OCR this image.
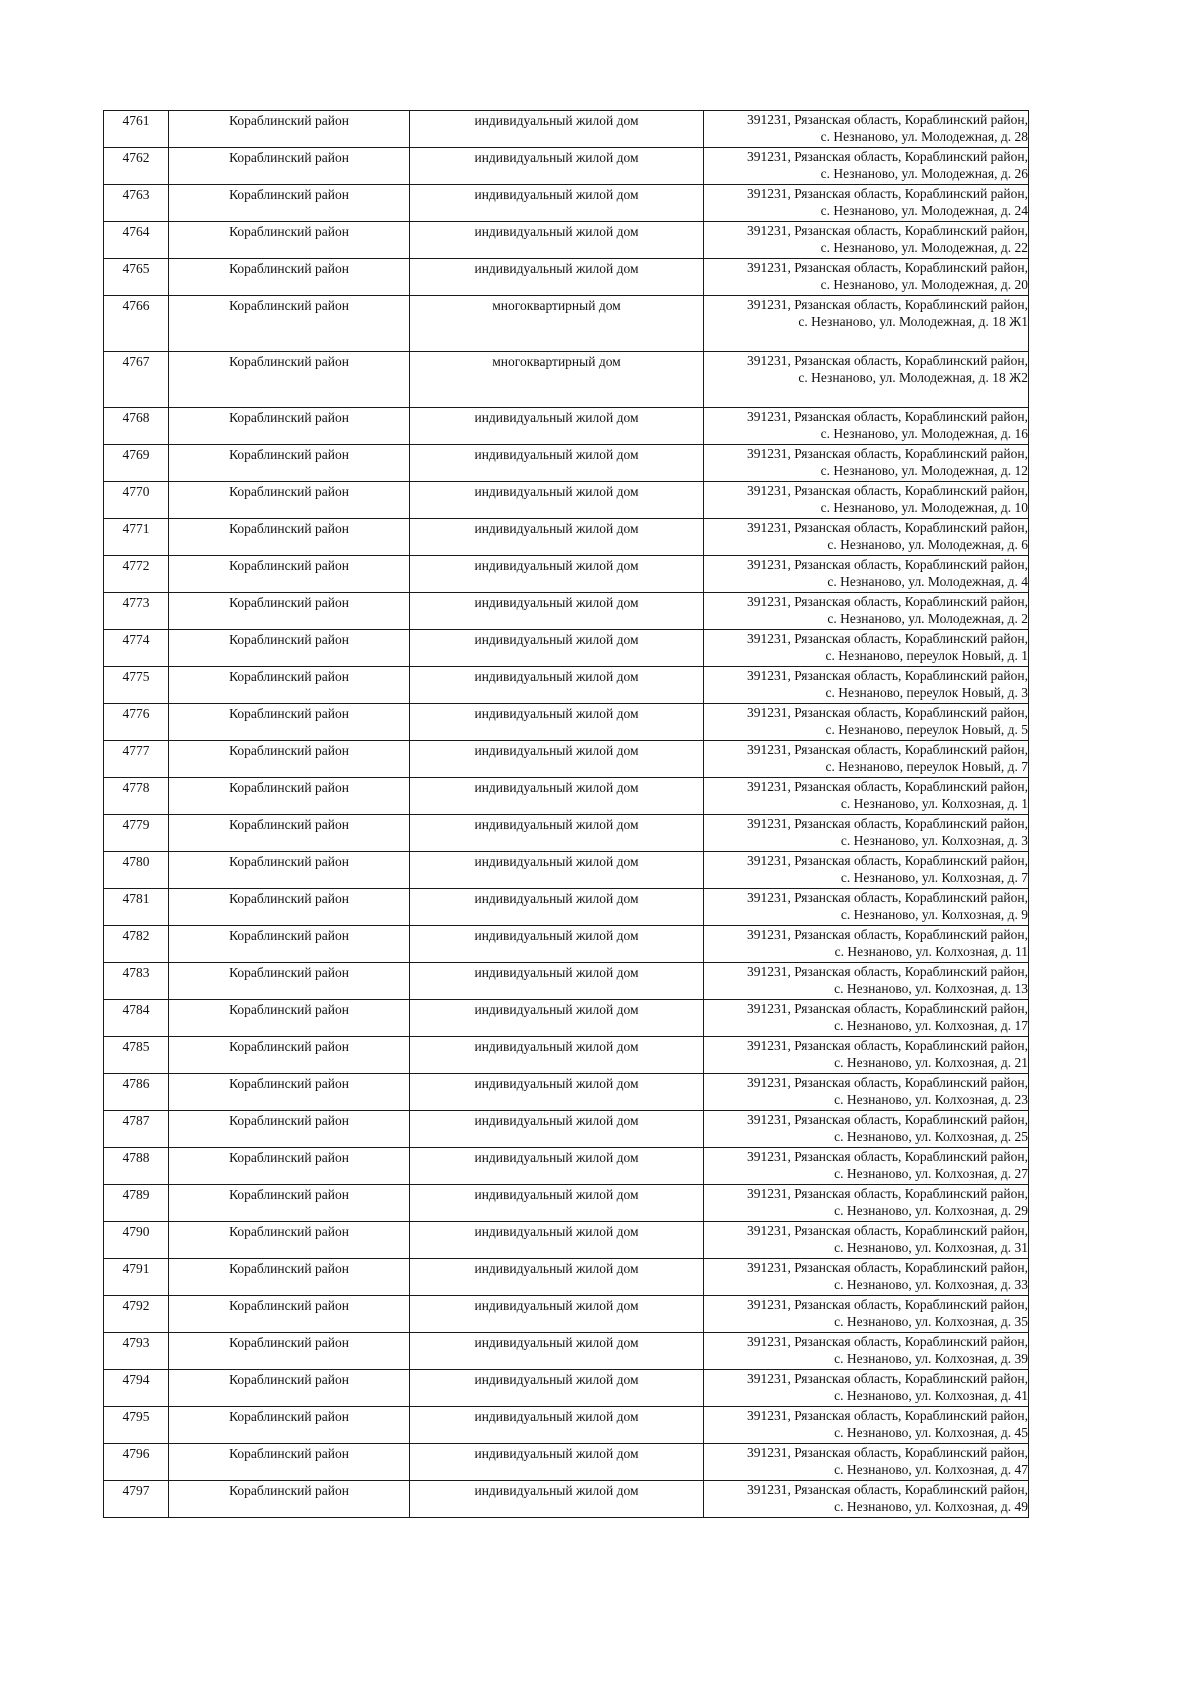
4761	Кораблинский район	индивидуальный жилой дом	391231, Рязанская область, Кораблинский район,
с. Незнаново, ул. Молодежная, д. 28

4762	Кораблинский район	индивидуальный жилой дом	391231, Рязанская область, Кораблинский район,
с. Незнаново, ул. Молодежная, д. 26

4763	Кораблинский район	индивидуальный жилой дом	391231, Рязанская область, Кораблинский район,
с. Незнаново, ул. Молодежная, д. 24

4764	Кораблинский район	индивидуальный жилой дом	391231, Рязанская область, Кораблинский район,
с. Незнаново, ул. Молодежная, д. 22

4765	Кораблинский район	индивидуальный жилой дом	391231, Рязанская область, Кораблинский район,
с. Незнаново, ул. Молодежная, д. 20

4766	Кораблинский район	многоквартирный дом	391231, Рязанская область, Кораблинский район,
с. Незнаново, ул. Молодежная, д. 18 Ж1

4767	Кораблинский район	многоквартирный дом	391231, Рязанская область, Кораблинский район,
с. Незнаново, ул. Молодежная, д. 18 Ж2

4768	Кораблинский район	индивидуальный жилой дом	391231, Рязанская область, Кораблинский район,
с. Незнаново, ул. Молодежная, д. 16

4769	Кораблинский район	индивидуальный жилой дом	391231, Рязанская область, Кораблинский район,
с. Незнаново, ул. Молодежная, д. 12

4770	Кораблинский район	индивидуальный жилой дом	391231, Рязанская область, Кораблинский район,
с. Незнаново, ул. Молодежная, д. 10

4771	Кораблинский район	индивидуальный жилой дом	391231, Рязанская область, Кораблинский район,
с. Незнаново, ул. Молодежная, д. 6

4772	Кораблинский район	индивидуальный жилой дом	391231, Рязанская область, Кораблинский район,
с. Незнаново, ул. Молодежная, д. 4

4773	Кораблинский район	индивидуальный жилой дом	391231, Рязанская область, Кораблинский район,
с. Незнаново, ул. Молодежная, д. 2

4774	Кораблинский район	индивидуальный жилой дом	391231, Рязанская область, Кораблинский район,
с. Незнаново, переулок Новый, д. 1

4775	Кораблинский район	индивидуальный жилой дом	391231, Рязанская область, Кораблинский район,
с. Незнаново, переулок Новый, д. 3

4776	Кораблинский район	индивидуальный жилой дом	391231, Рязанская область, Кораблинский район,
с. Незнаново, переулок Новый, д. 5

4777	Кораблинский район	индивидуальный жилой дом	391231, Рязанская область, Кораблинский район,
с. Незнаново, переулок Новый, д. 7

4778	Кораблинский район	индивидуальный жилой дом	391231, Рязанская область, Кораблинский район,
с. Незнаново, ул. Колхозная, д. 1

4779	Кораблинский район	индивидуальный жилой дом	391231, Рязанская область, Кораблинский район,
с. Незнаново, ул. Колхозная, д. 3

4780	Кораблинский район	индивидуальный жилой дом	391231, Рязанская область, Кораблинский район,
с. Незнаново, ул. Колхозная, д. 7

4781	Кораблинский район	индивидуальный жилой дом	391231, Рязанская область, Кораблинский район,
с. Незнаново, ул. Колхозная, д. 9

4782	Кораблинский район	индивидуальный жилой дом	391231, Рязанская область, Кораблинский район,
с. Незнаново, ул. Колхозная, д. 11

4783	Кораблинский район	индивидуальный жилой дом	391231, Рязанская область, Кораблинский район,
с. Незнаново, ул. Колхозная, д. 13

4784	Кораблинский район	индивидуальный жилой дом	391231, Рязанская область, Кораблинский район,
с. Незнаново, ул. Колхозная, д. 17

4785	Кораблинский район	индивидуальный жилой дом	391231, Рязанская область, Кораблинский район,
с. Незнаново, ул. Колхозная, д. 21

4786	Кораблинский район	индивидуальный жилой дом	391231, Рязанская область, Кораблинский район,
с. Незнаново, ул. Колхозная, д. 23

4787	Кораблинский район	индивидуальный жилой дом	391231, Рязанская область, Кораблинский район,
с. Незнаново, ул. Колхозная, д. 25

4788	Кораблинский район	индивидуальный жилой дом	391231, Рязанская область, Кораблинский район,
с. Незнаново, ул. Колхозная, д. 27

4789	Кораблинский район	индивидуальный жилой дом	391231, Рязанская область, Кораблинский район,
с. Незнаново, ул. Колхозная, д. 29

4790	Кораблинский район	индивидуальный жилой дом	391231, Рязанская область, Кораблинский район,
с. Незнаново, ул. Колхозная, д. 31

4791	Кораблинский район	индивидуальный жилой дом	391231, Рязанская область, Кораблинский район,
с. Незнаново, ул. Колхозная, д. 33

4792	Кораблинский район	индивидуальный жилой дом	391231, Рязанская область, Кораблинский район,
с. Незнаново, ул. Колхозная, д. 35

4793	Кораблинский район	индивидуальный жилой дом	391231, Рязанская область, Кораблинский район,
с. Незнаново, ул. Колхозная, д. 39

4794	Кораблинский район	индивидуальный жилой дом	391231, Рязанская область, Кораблинский район,
с. Незнаново, ул. Колхозная, д. 41

4795	Кораблинский район	индивидуальный жилой дом	391231, Рязанская область, Кораблинский район,
с. Незнаново, ул. Колхозная, д. 45

4796	Кораблинский район	индивидуальный жилой дом	391231, Рязанская область, Кораблинский район,
с. Незнаново, ул. Колхозная, д. 47

4797	Кораблинский район	индивидуальный жилой дом	391231, Рязанская область, Кораблинский район,
с. Незнаново, ул. Колхозная, д. 49
